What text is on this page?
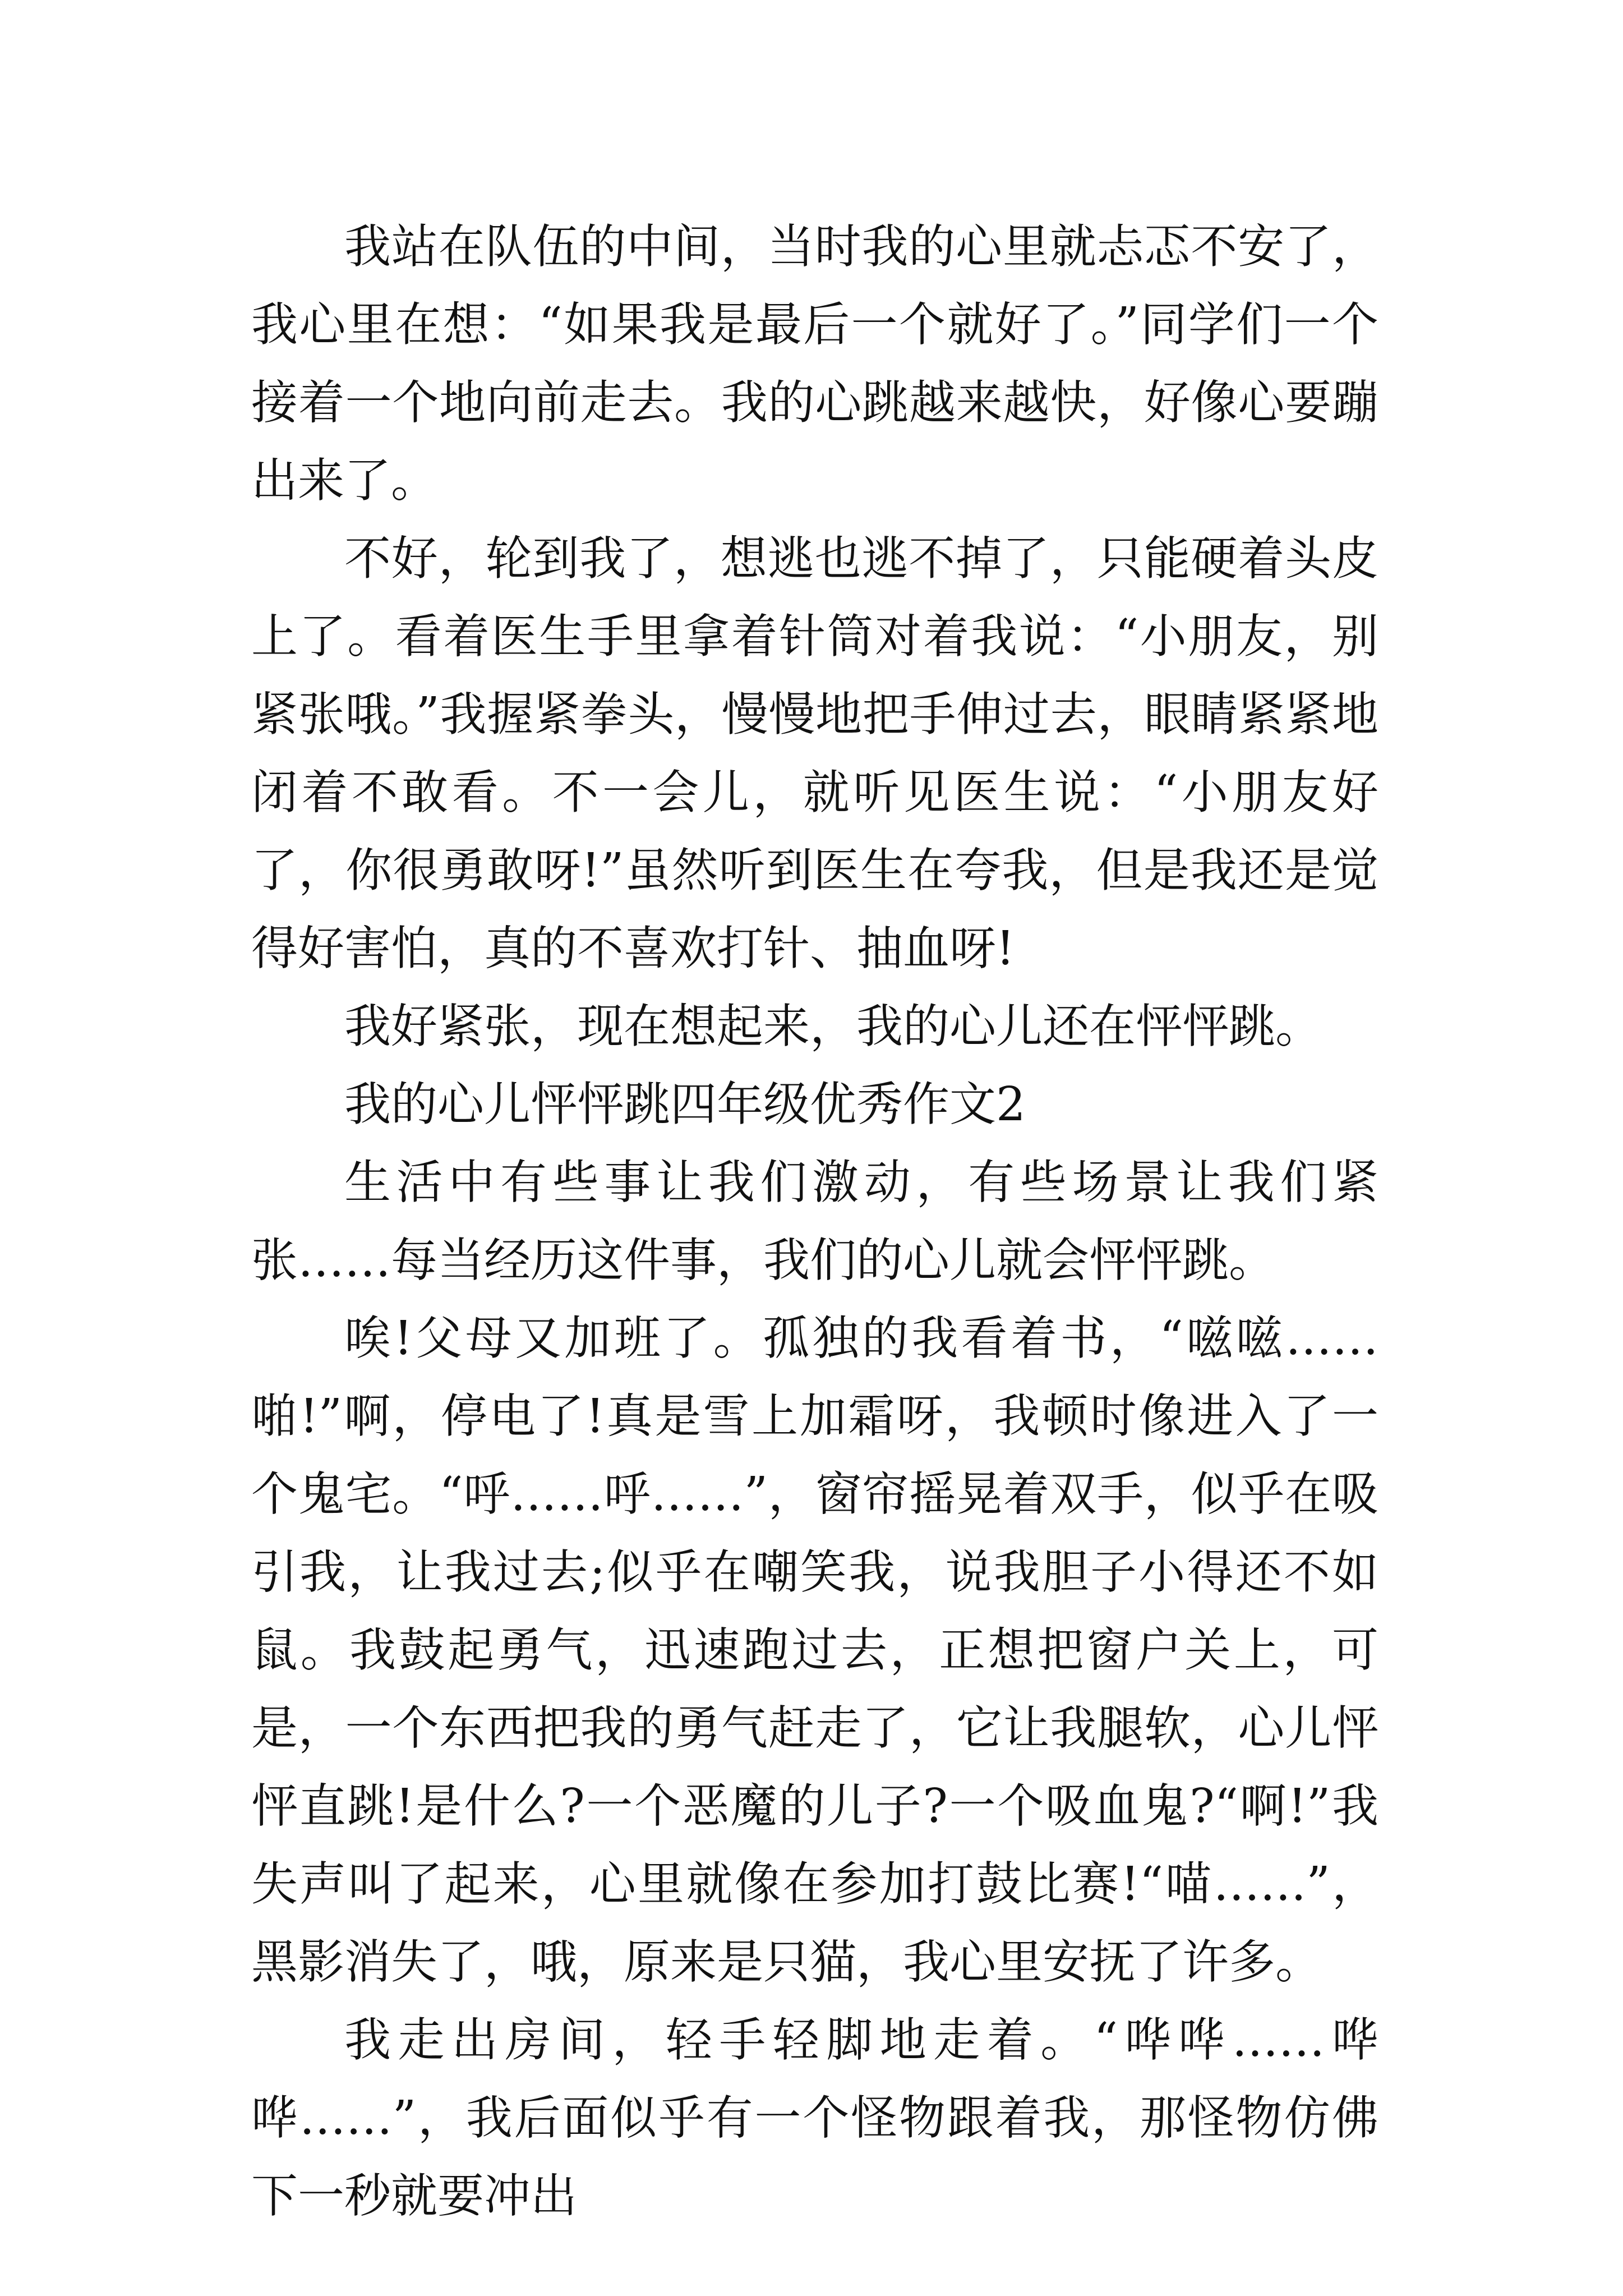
我站在队伍的中间，当时我的心里就忐忑不安了，我心里在想：“如果我是最后一个就好了。”同学们一个接着一个地向前走去。我的心跳越来越快，好像心要蹦出来了。

不好，轮到我了，想逃也逃不掉了，只能硬着头皮上了。看着医生手里拿着针筒对着我说：“小朋友，别紧张哦。”我握紧拳头，慢慢地把手伸过去，眼睛紧紧地闭着不敢看。不一会儿，就听见医生说：“小朋友好了，你很勇敢呀!”虽然听到医生在夸我，但是我还是觉得好害怕，真的不喜欢打针、抽血呀!

我好紧张，现在想起来，我的心儿还在怦怦跳。

我的心儿怦怦跳四年级优秀作文2

生活中有些事让我们激动，有些场景让我们紧张……每当经历这件事，我们的心儿就会怦怦跳。

唉!父母又加班了。孤独的我看着书，“嗞嗞……啪!”啊，停电了!真是雪上加霜呀，我顿时像进入了一个鬼宅。“呼……呼……”，窗帘摇晃着双手，似乎在吸引我，让我过去;似乎在嘲笑我，说我胆子小得还不如鼠。我鼓起勇气，迅速跑过去，正想把窗户关上，可是，一个东西把我的勇气赶走了，它让我腿软，心儿怦怦直跳!是什么?一个恶魔的儿子?一个吸血鬼?“啊!”我失声叫了起来，心里就像在参加打鼓比赛!“喵……”，黑影消失了，哦，原来是只猫，我心里安抚了许多。

我走出房间，轻手轻脚地走着。“哗哗……哗哗……”，我后面似乎有一个怪物跟着我，那怪物仿佛下一秒就要冲出
